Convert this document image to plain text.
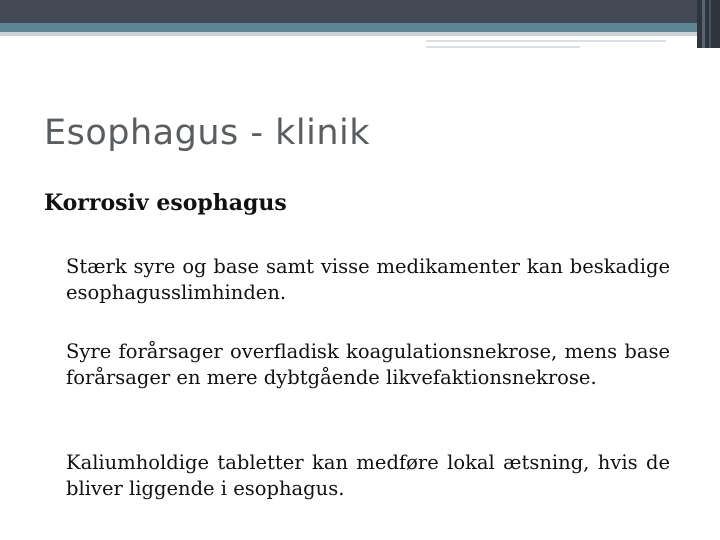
Esophagus - klinik
Korrosiv esophagus

Stærk syre og base samt visse medikamenter kan beskadige esophagusslimhinden.

Syre forårsager overfladisk koagulationsnekrose, mens base forårsager en mere dybtgående likvefaktionsnekrose.

Kaliumholdige tabletter kan medføre lokal ætsning, hvis de bliver liggende i esophagus.
